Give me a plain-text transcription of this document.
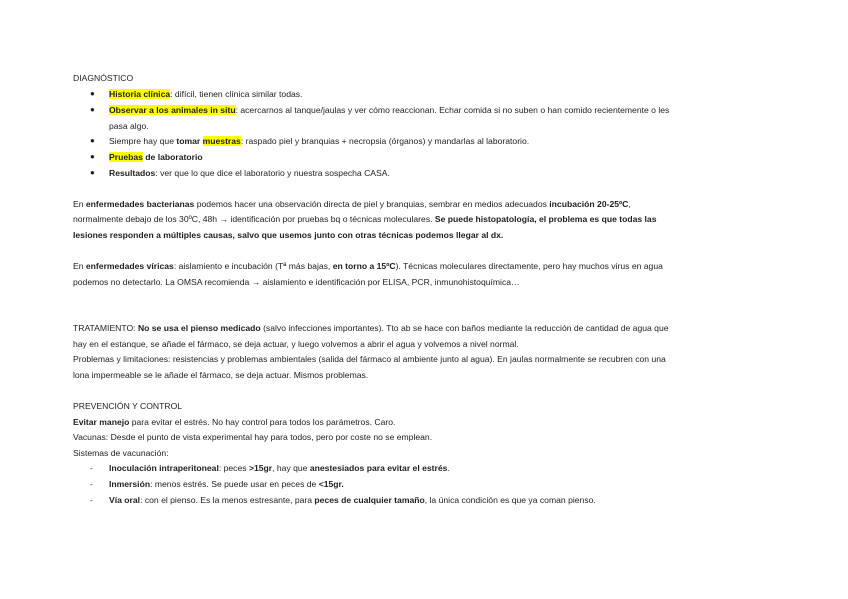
DIAGNÓSTICO
● Historia clínica: difícil, tienen clínica similar todas.
● Observar a los animales in situ: acercarnos al tanque/jaulas y ver cómo reaccionan. Echar comida si no suben o han comido recientemente o les
pasa algo.
● Siempre hay que tomar muestras: raspado piel y branquias + necropsia (órganos) y mandarlas al laboratorio.
● Pruebas de laboratorio
● Resultados: ver que lo que dice el laboratorio y nuestra sospecha CASA.
En enfermedades bacterianas podemos hacer una observación directa de piel y branquias, sembrar en medios adecuados incubación 20-25ºC,
normalmente debajo de los 30ºC, 48h → identificación por pruebas bq o técnicas moleculares. Se puede histopatología, el problema es que todas las
lesiones responden a múltiples causas, salvo que usemos junto con otras técnicas podemos llegar al dx.
En enfermedades víricas: aislamiento e incubación (Tª más bajas, en torno a 15ºC). Técnicas moleculares directamente, pero hay muchos virus en agua
podemos no detectarlo. La OMSA recomienda → aislamiento e identificación por ELISA, PCR, inmunohistoquímica…
TRATAMIENTO: No se usa el pienso medicado (salvo infecciones importantes). Tto ab se hace con baños mediante la reducción de cantidad de agua que
hay en el estanque, se añade el fármaco, se deja actuar, y luego volvemos a abrir el agua y volvemos a nivel normal.
Problemas y limitaciones: resistencias y problemas ambientales (salida del fármaco al ambiente junto al agua). En jaulas normalmente se recubren con una
lona impermeable se le añade el fármaco, se deja actuar. Mismos problemas.
PREVENCIÓN Y CONTROL
Evitar manejo para evitar el estrés. No hay control para todos los parámetros. Caro.
Vacunas: Desde el punto de vista experimental hay para todos, pero por coste no se emplean.
Sistemas de vacunación:
- Inoculación intraperitoneal: peces >15gr, hay que anestesiados para evitar el estrés.
- Inmersión: menos estrés. Se puede usar en peces de <15gr.
- Vía oral: con el pienso. Es la menos estresante, para peces de cualquier tamaño, la única condición es que ya coman pienso.
